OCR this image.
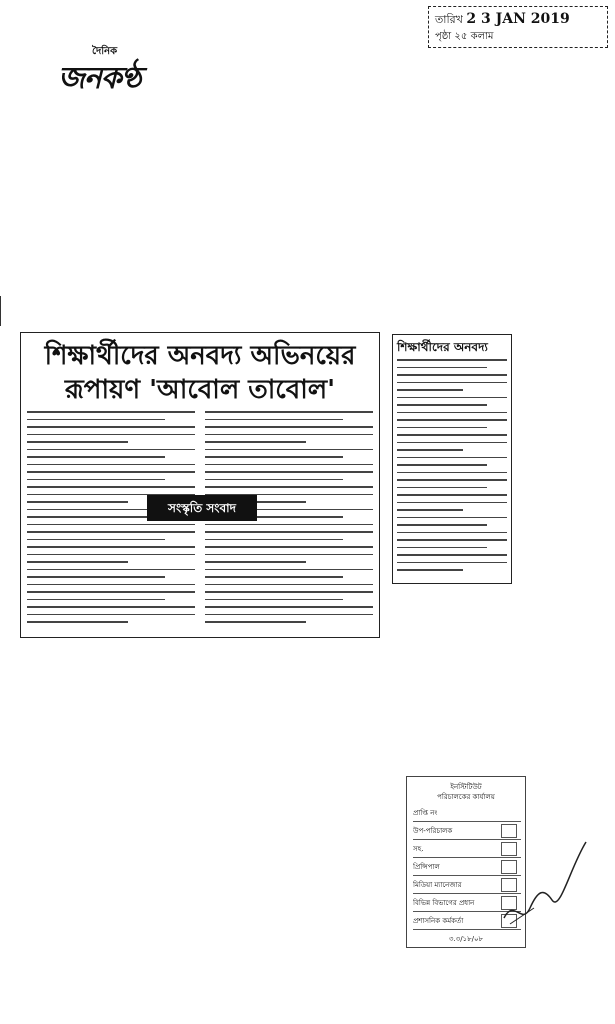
দৈনিক
জনকণ্ঠ
তারিখ 2 3 JAN 2019
পৃষ্ঠা ২৫ কলাম
শিক্ষার্থীদের অনবদ্য অভিনয়ের
রূপায়ণ 'আবোল তাবোল'
সংস্কৃতি সংবাদ
শিক্ষার্থীদের অনবদ্য
ইনস্টিটিউট
পরিচালকের কার্যালয়
প্রাপ্তি নং
উপ-পরিচালক
সহ.
প্রিন্সিপাল
মিডিয়া ম্যানেজার
বিভিন্ন বিভাগের প্রধান
প্রশাসনিক কর্মকর্তা
৩.৩/১৮/০৮
